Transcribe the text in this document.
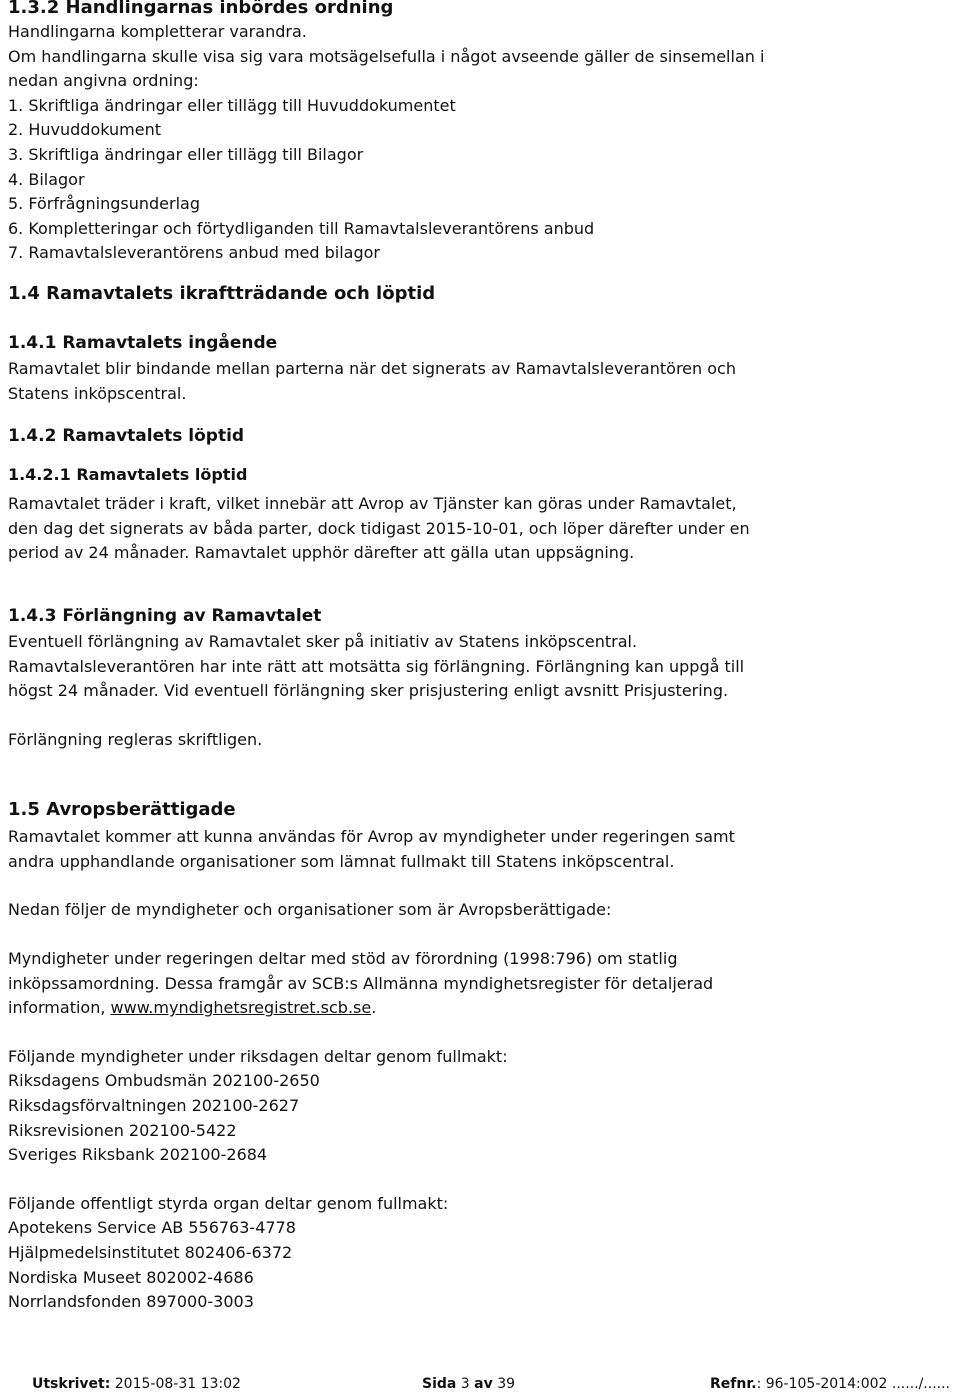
1.3.2 Handlingarnas inbördes ordning

Handlingarna kompletterar varandra.

Om handlingarna skulle visa sig vara motsägelsefulla i något avseende gäller de sinsemellan i

nedan angivna ordning:

1. Skriftliga ändringar eller tillägg till Huvuddokumentet
2. Huvuddokument
3. Skriftliga ändringar eller tillägg till Bilagor
4. Bilagor
5. Förfrågningsunderlag
6. Kompletteringar och förtydliganden till Ramavtalsleverantörens anbud
7. Ramavtalsleverantörens anbud med bilagor
1.4 Ramavtalets ikraftträdande och löptid
1.4.1 Ramavtalets ingående

Ramavtalet blir bindande mellan parterna när det signerats av Ramavtalsleverantören och

Statens inköpscentral.

1.4.2 Ramavtalets löptid
1.4.2.1 Ramavtalets löptid

Ramavtalet träder i kraft, vilket innebär att Avrop av Tjänster kan göras under Ramavtalet,

den dag det signerats av båda parter, dock tidigast 2015-10-01, och löper därefter under en

period av 24 månader. Ramavtalet upphör därefter att gälla utan uppsägning.

1.4.3 Förlängning av Ramavtalet

Eventuell förlängning av Ramavtalet sker på initiativ av Statens inköpscentral.

Ramavtalsleverantören har inte rätt att motsätta sig förlängning. Förlängning kan uppgå till

högst 24 månader. Vid eventuell förlängning sker prisjustering enligt avsnitt Prisjustering.

Förlängning regleras skriftligen.

1.5 Avropsberättigade

Ramavtalet kommer att kunna användas för Avrop av myndigheter under regeringen samt

andra upphandlande organisationer som lämnat fullmakt till Statens inköpscentral.

Nedan följer de myndigheter och organisationer som är Avropsberättigade:

Myndigheter under regeringen deltar med stöd av förordning (1998:796) om statlig

inköpssamordning. Dessa framgår av SCB:s Allmänna myndighetsregister för detaljerad

information, www.myndighetsregistret.scb.se.

Följande myndigheter under riksdagen deltar genom fullmakt:

Riksdagens Ombudsmän 202100-2650
Riksdagsförvaltningen 202100-2627
Riksrevisionen 202100-5422
Sveriges Riksbank 202100-2684

Följande offentligt styrda organ deltar genom fullmakt:

Apotekens Service AB 556763-4778
Hjälpmedelsinstitutet 802406-6372
Nordiska Museet 802002-4686
Norrlandsfonden 897000-3003
Utskrivet: 2015-08-31 13:02	Sida 3 av 39	Refnr.: 96-105-2014:002 ....../......
